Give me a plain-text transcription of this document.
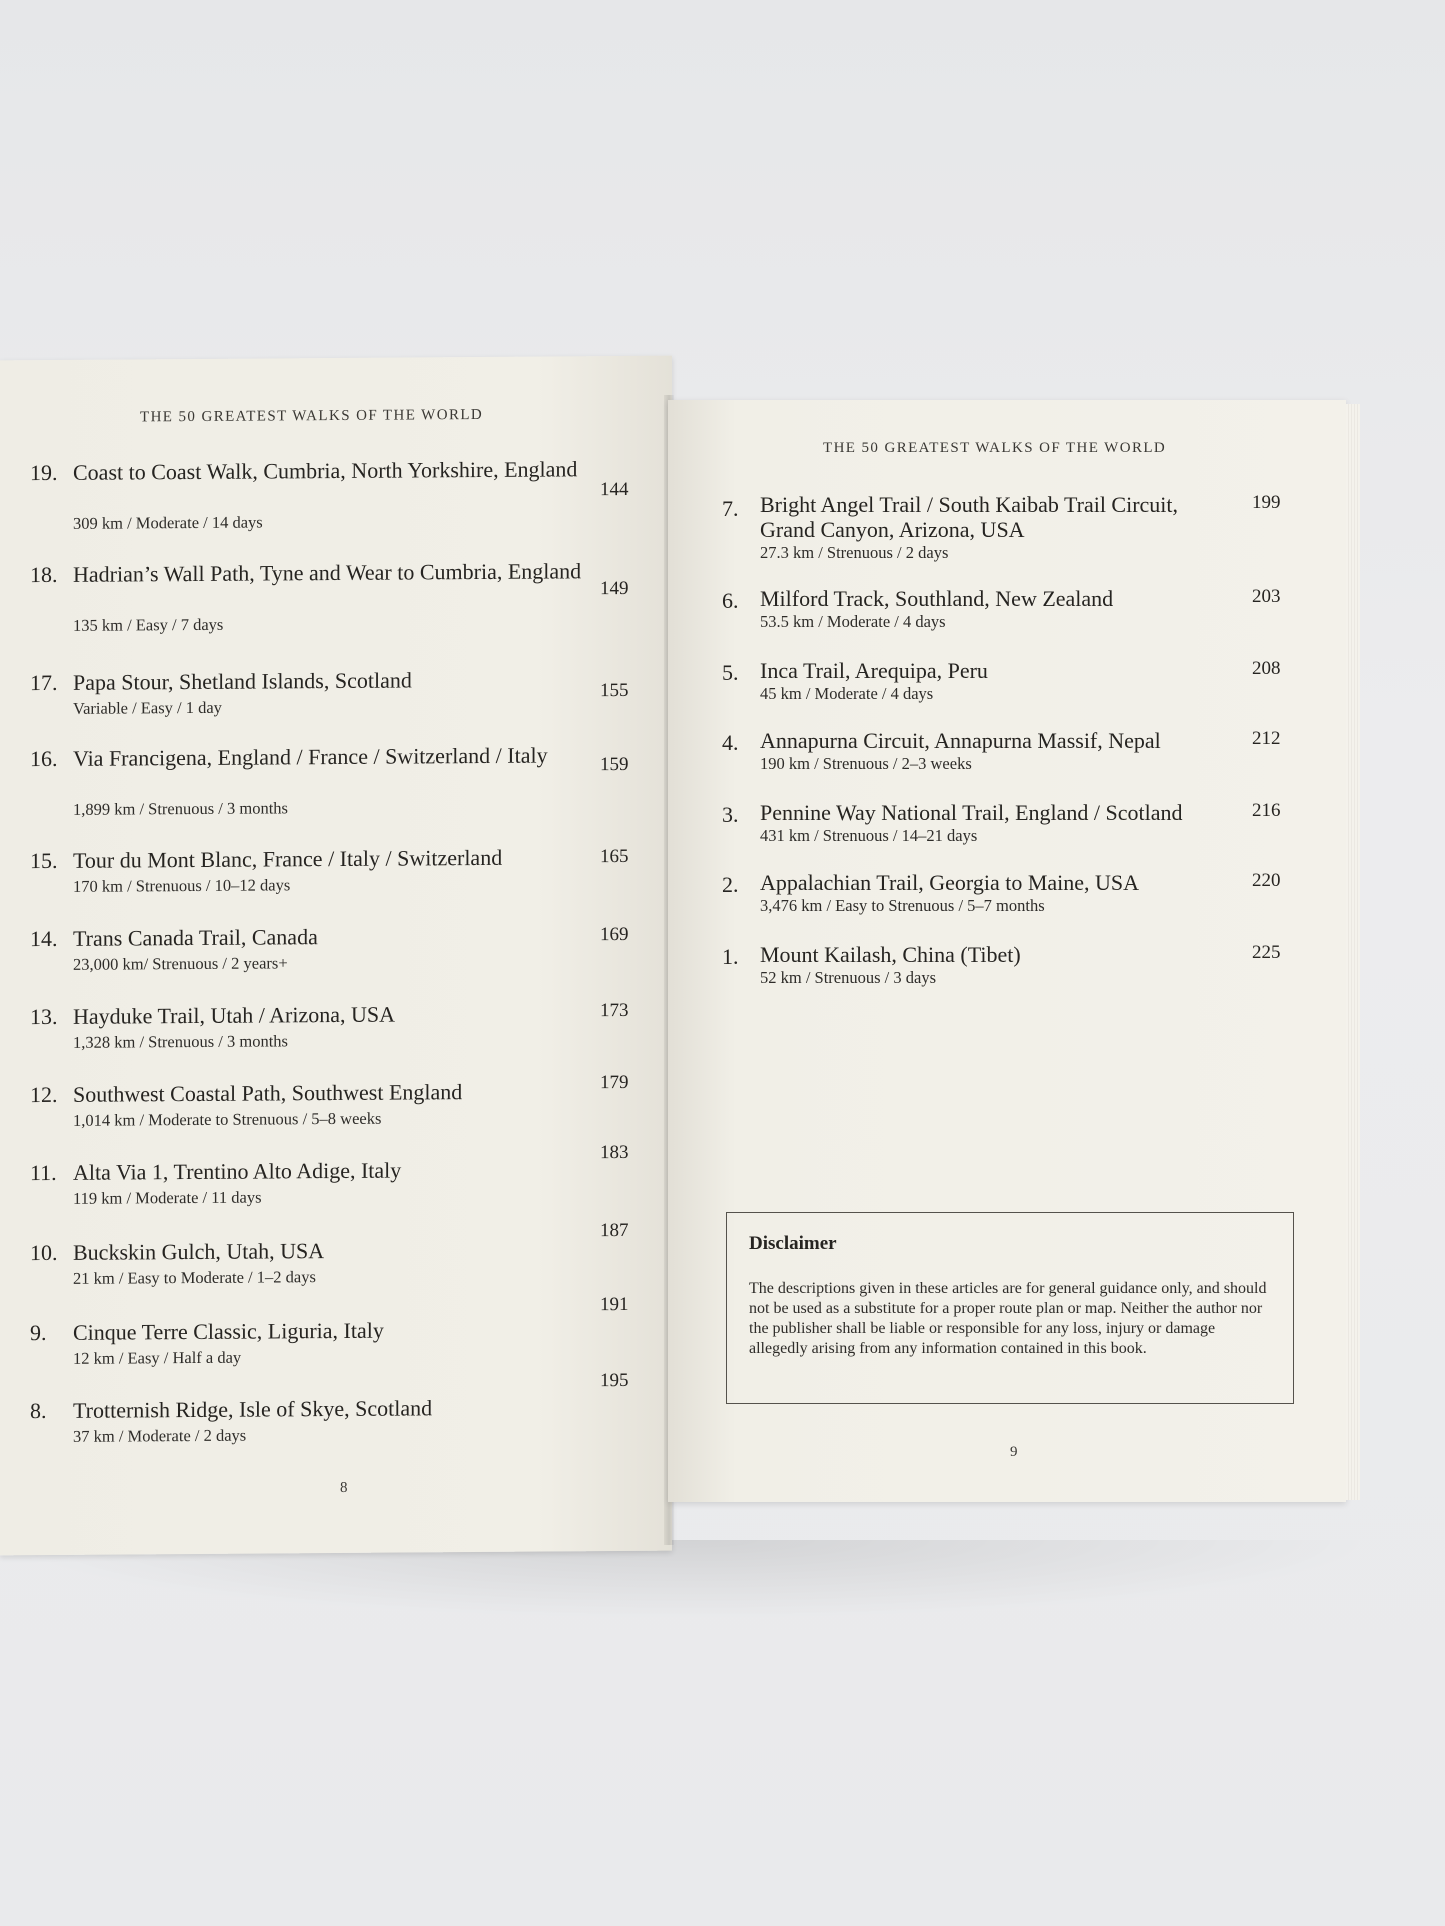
THE 50 GREATEST WALKS OF THE WORLD
19. Coast to Coast Walk, Cumbria, North Yorkshire, England
309 km / Moderate / 14 days
144
18. Hadrian’s Wall Path, Tyne and Wear to Cumbria, England
135 km / Easy / 7 days
149
17. Papa Stour, Shetland Islands, Scotland
Variable / Easy / 1 day
155
16. Via Francigena, England / France / Switzerland / Italy
1,899 km / Strenuous / 3 months
159
15. Tour du Mont Blanc, France / Italy / Switzerland
170 km / Strenuous / 10–12 days
165
14. Trans Canada Trail, Canada
23,000 km/ Strenuous / 2 years+
169
13. Hayduke Trail, Utah / Arizona, USA
1,328 km / Strenuous / 3 months
173
12. Southwest Coastal Path, Southwest England
1,014 km / Moderate to Strenuous / 5–8 weeks
179
11. Alta Via 1, Trentino Alto Adige, Italy
119 km / Moderate / 11 days
183
10. Buckskin Gulch, Utah, USA
21 km / Easy to Moderate / 1–2 days
187
9. Cinque Terre Classic, Liguria, Italy
12 km / Easy / Half a day
191
8. Trotternish Ridge, Isle of Skye, Scotland
37 km / Moderate / 2 days
195
8
THE 50 GREATEST WALKS OF THE WORLD
7. Bright Angel Trail / South Kaibab Trail Circuit, Grand Canyon, Arizona, USA
27.3 km / Strenuous / 2 days
199
6. Milford Track, Southland, New Zealand
53.5 km / Moderate / 4 days
203
5. Inca Trail, Arequipa, Peru
45 km / Moderate / 4 days
208
4. Annapurna Circuit, Annapurna Massif, Nepal
190 km / Strenuous / 2–3 weeks
212
3. Pennine Way National Trail, England / Scotland
431 km / Strenuous / 14–21 days
216
2. Appalachian Trail, Georgia to Maine, USA
3,476 km / Easy to Strenuous / 5–7 months
220
1. Mount Kailash, China (Tibet)
52 km / Strenuous / 3 days
225
Disclaimer
The descriptions given in these articles are for general guidance only, and should not be used as a substitute for a proper route plan or map. Neither the author nor the publisher shall be liable or responsible for any loss, injury or damage allegedly arising from any information contained in this book.
9
